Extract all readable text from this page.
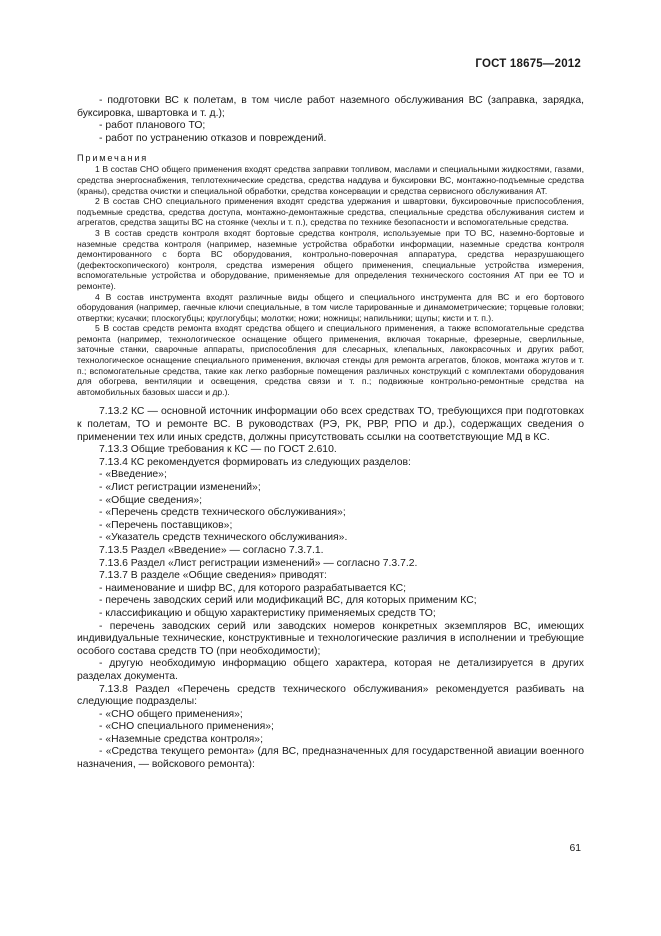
ГОСТ 18675—2012

- подготовки ВС к полетам, в том числе работ наземного обслуживания ВС (заправка, зарядка, буксировка, швартовка и т. д.);

- работ планового ТО;

- работ по устранению отказов и повреждений.

Примечания

1 В состав СНО общего применения входят средства заправки топливом, маслами и специальными жидкостями, газами, средства энергоснабжения, теплотехнические средства, средства наддува и буксировки ВС, монтажно-подъемные средства (краны), средства очистки и специальной обработки, средства консервации и средства сервисного обслуживания АТ.

2 В состав СНО специального применения входят средства удержания и швартовки, буксировочные приспособления, подъемные средства, средства доступа, монтажно-демонтажные средства, специальные средства обслуживания систем и агрегатов, средства защиты ВС на стоянке (чехлы и т. п.), средства по технике безопасности и вспомогательные средства.

3 В состав средств контроля входят бортовые средства контроля, используемые при ТО ВС, наземно-бортовые и наземные средства контроля (например, наземные устройства обработки информации, наземные средства контроля демонтированного с борта ВС оборудования, контрольно-поверочная аппаратура, средства неразрушающего (дефектоскопического) контроля, средства измерения общего применения, специальные устройства измерения, вспомогательные устройства и оборудование, применяемые для определения технического состояния АТ при ее ТО и ремонте).

4 В состав инструмента входят различные виды общего и специального инструмента для ВС и его бортового оборудования (например, гаечные ключи специальные, в том числе тарированные и динамометрические; торцевые головки; отвертки; кусачки; плоскогубцы; круглогубцы; молотки; ножи; ножницы; напильники; щупы; кисти и т. п.).

5 В состав средств ремонта входят средства общего и специального применения, а также вспомогательные средства ремонта (например, технологическое оснащение общего применения, включая токарные, фрезерные, сверлильные, заточные станки, сварочные аппараты, приспособления для слесарных, клепальных, лакокрасочных и других работ, технологическое оснащение специального применения, включая стенды для ремонта агрегатов, блоков, монтажа жгутов и т. п.; вспомогательные средства, такие как легко разборные помещения различных конструкций с комплектами оборудования для обогрева, вентиляции и освещения, средства связи и т. п.; подвижные контрольно-ремонтные средства на автомобильных базовых шасси и др.).

7.13.2 КС — основной источник информации обо всех средствах ТО, требующихся при подготовках к полетам, ТО и ремонте ВС. В руководствах (РЭ, РК, РВР, РПО и др.), содержащих сведения о применении тех или иных средств, должны присутствовать ссылки на соответствующие МД в КС.

7.13.3 Общие требования к КС — по ГОСТ 2.610.

7.13.4 КС рекомендуется формировать из следующих разделов:

- «Введение»;

- «Лист регистрации изменений»;

- «Общие сведения»;

- «Перечень средств технического обслуживания»;

- «Перечень поставщиков»;

- «Указатель средств технического обслуживания».

7.13.5 Раздел «Введение» — согласно 7.3.7.1.

7.13.6 Раздел «Лист регистрации изменений» — согласно 7.3.7.2.

7.13.7 В разделе «Общие сведения» приводят:

- наименование и шифр ВС, для которого разрабатывается КС;

- перечень заводских серий или модификаций ВС, для которых применим КС;

- классификацию и общую характеристику применяемых средств ТО;

- перечень заводских серий или заводских номеров конкретных экземпляров ВС, имеющих индивидуальные технические, конструктивные и технологические различия в исполнении и требующие особого состава средств ТО (при необходимости);

- другую необходимую информацию общего характера, которая не детализируется в других разделах документа.

7.13.8 Раздел «Перечень средств технического обслуживания» рекомендуется разбивать на следующие подразделы:

- «СНО общего применения»;

- «СНО специального применения»;

- «Наземные средства контроля»;

- «Средства текущего ремонта» (для ВС, предназначенных для государственной авиации военного назначения, — войскового ремонта):

61
